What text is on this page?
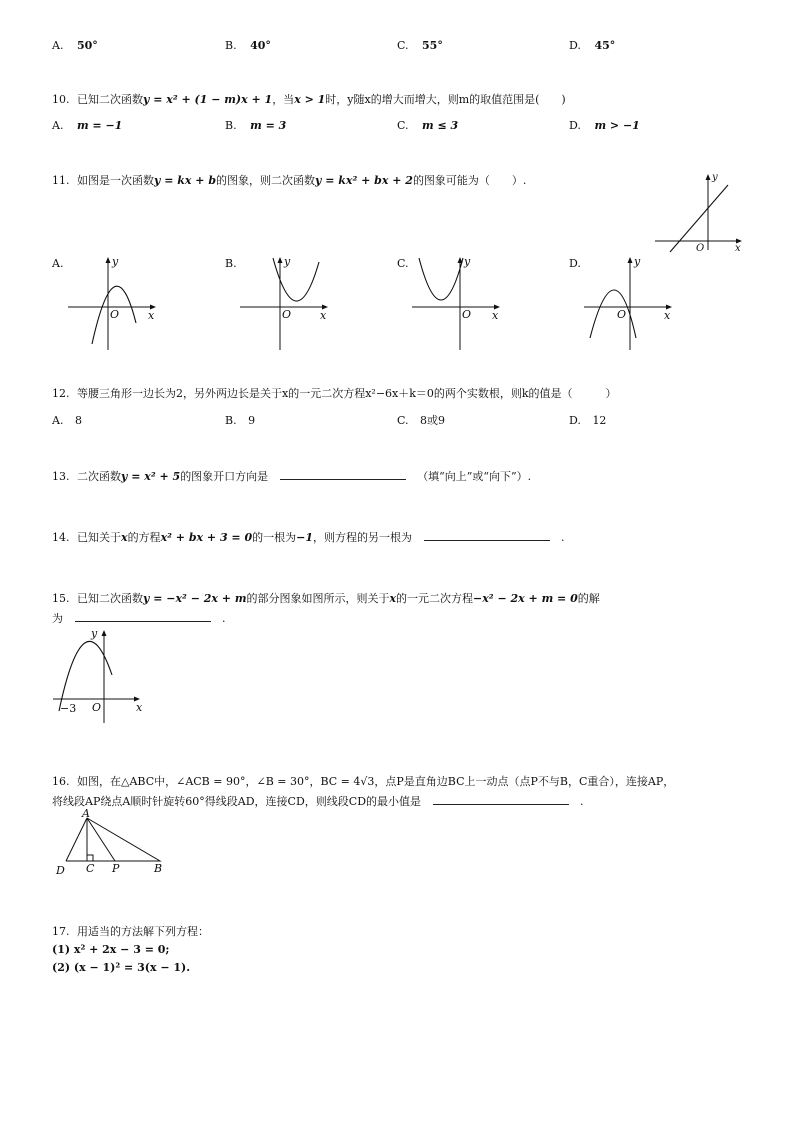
A. 50°	B. 40°	C. 55°	D. 45°
10. 已知二次函数y = x² + (1 − m)x + 1，当x > 1时，y随x的增大而增大，则m的取值范围是(　　)
A. m = −1	B. m = 3	C. m ≤ 3	D. m > −1
11. 如图是一次函数y = kx + b的图象，则二次函数y = kx² + bx + 2的图象可能为（　　）.	y
x
O
A.	B.	C.	D.
y
x
O
y
x
O
y
x
O
y
x
O
12. 等腰三角形一边长为2，另外两边长是关于x的一元二次方程x²−6x＋k＝0的两个实数根，则k的值是（　　　）
A. 8	B. 9	C. 8或9	D. 12
13. 二次函数y = x² + 5的图象开口方向是	（填“向上”或“向下”）.
14. 已知关于x的方程x² + bx + 3 = 0的一根为−1，则方程的另一根为	.
15. 已知二次函数y = −x² − 2x + m的部分图象如图所示，则关于x的一元二次方程−x² − 2x + m = 0的解
为	.
y
x
O
−3
16. 如图，在△ABC中，∠ACB = 90°，∠B = 30°，BC = 4√3，点P是直角边BC上一动点（点P不与B，C重合），连接AP，
将线段AP绕点A顺时针旋转60°得线段AD，连接CD，则线段CD的最小值是	.
A
D C P	B
17. 用适当的方法解下列方程：
(1) x² + 2x − 3 = 0;
(2) (x − 1)² = 3(x − 1).
